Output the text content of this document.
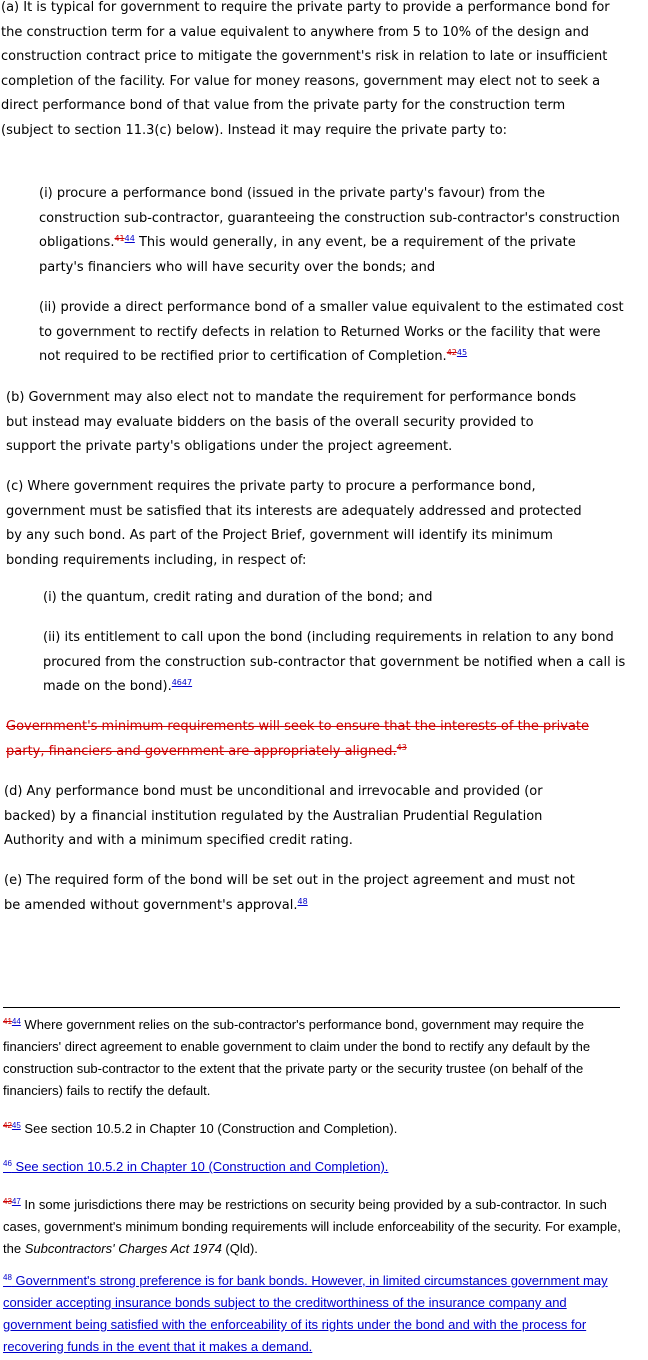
(a) It is typical for government to require the private party to provide a performance bond for the construction term for a value equivalent to anywhere from 5 to 10% of the design and construction contract price to mitigate the government's risk in relation to late or insufficient completion of the facility. For value for money reasons, government may elect not to seek a direct performance bond of that value from the private party for the construction term (subject to section 11.3(c) below). Instead it may require the private party to:

(i) procure a performance bond (issued in the private party's favour) from the construction sub-contractor, guaranteeing the construction sub-contractor's construction obligations.$^{4144}$ This would generally, in any event, be a requirement of the private party's financiers who will have security over the bonds; and

(ii) provide a direct performance bond of a smaller value equivalent to the estimated cost to government to rectify defects in relation to Returned Works or the facility that were not required to be rectified prior to certification of Completion.$^{4245}$

(b) Government may also elect not to mandate the requirement for performance bonds but instead may evaluate bidders on the basis of the overall security provided to support the private party's obligations under the project agreement.

(c) Where government requires the private party to procure a performance bond, government must be satisfied that its interests are adequately addressed and protected by any such bond. As part of the Project Brief, government will identify its minimum bonding requirements including, in respect of:

(i) the quantum, credit rating and duration of the bond; and

(ii) its entitlement to call upon the bond (including requirements in relation to any bond procured from the construction sub-contractor that government be notified when a call is made on the bond).$^{4647}$

Government's minimum requirements will seek to ensure that the interests of the private party, financiers and government are appropriately aligned.$^{43}$

(d) Any performance bond must be unconditional and irrevocable and provided (or backed) by a financial institution regulated by the Australian Prudential Regulation Authority and with a minimum specified credit rating.

(e) The required form of the bond will be set out in the project agreement and must not be amended without government's approval.$^{48}$

$^{4144}$ Where government relies on the sub-contractor's performance bond, government may require the financiers' direct agreement to enable government to claim under the bond to rectify any default by the construction sub-contractor to the extent that the private party or the security trustee (on behalf of the financiers) fails to rectify the default.

$^{4245}$ See section 10.5.2 in Chapter 10 (Construction and Completion).

$^{46}$ See section 10.5.2 in Chapter 10 (Construction and Completion).

$^{4347}$ In some jurisdictions there may be restrictions on security being provided by a sub-contractor. In such cases, government's minimum bonding requirements will include enforceability of the security. For example, the Subcontractors' Charges Act 1974 (Qld).

$^{48}$ Government's strong preference is for bank bonds. However, in limited circumstances government may consider accepting insurance bonds subject to the creditworthiness of the insurance company and government being satisfied with the enforceability of its rights under the bond and with the process for recovering funds in the event that it makes a demand.
